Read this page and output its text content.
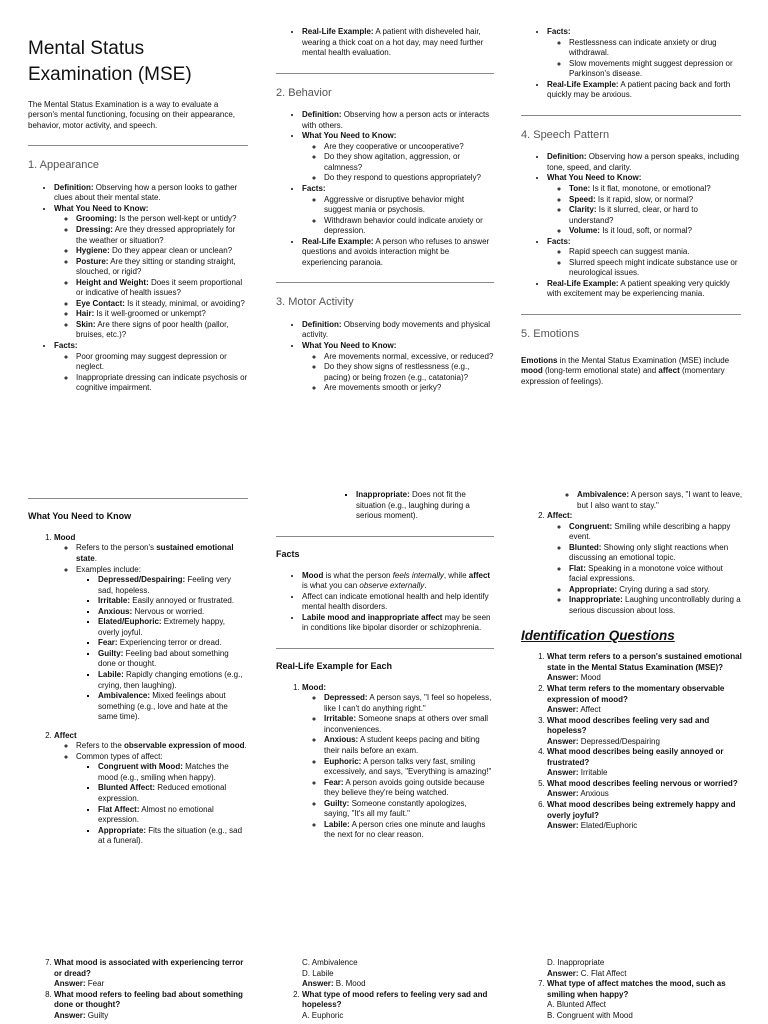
Mental Status Examination (MSE)
The Mental Status Examination is a way to evaluate a person's mental functioning, focusing on their appearance, behavior, motor activity, and speech.
1. Appearance
• Definition: Observing how a person looks to gather clues about their mental state.
• What You Need to Know:
◦ Grooming: Is the person well-kept or untidy?
◦ Dressing: Are they dressed appropriately for the weather or situation?
◦ Hygiene: Do they appear clean or unclean?
◦ Posture: Are they sitting or standing straight, slouched, or rigid?
◦ Height and Weight: Does it seem proportional or indicative of health issues?
◦ Eye Contact: Is it steady, minimal, or avoiding?
◦ Hair: Is it well-groomed or unkempt?
◦ Skin: Are there signs of poor health (pallor, bruises, etc.)?
• Facts:
◦ Poor grooming may suggest depression or neglect.
◦ Inappropriate dressing can indicate psychosis or cognitive impairment.
• Real-Life Example: A patient with disheveled hair, wearing a thick coat on a hot day, may need further mental health evaluation.
2. Behavior
• Definition: Observing how a person acts or interacts with others.
• What You Need to Know:
◦ Are they cooperative or uncooperative?
◦ Do they show agitation, aggression, or calmness?
◦ Do they respond to questions appropriately?
• Facts:
◦ Aggressive or disruptive behavior might suggest mania or psychosis.
◦ Withdrawn behavior could indicate anxiety or depression.
• Real-Life Example: A person who refuses to answer questions and avoids interaction might be experiencing paranoia.
3. Motor Activity
• Definition: Observing body movements and physical activity.
• What You Need to Know:
◦ Are movements normal, excessive, or reduced?
◦ Do they show signs of restlessness (e.g., pacing) or being frozen (e.g., catatonia)?
◦ Are movements smooth or jerky?
• Facts:
◦ Restlessness can indicate anxiety or drug withdrawal.
◦ Slow movements might suggest depression or Parkinson's disease.
• Real-Life Example: A patient pacing back and forth quickly may be anxious.
4. Speech Pattern
• Definition: Observing how a person speaks, including tone, speed, and clarity.
• What You Need to Know:
◦ Tone: Is it flat, monotone, or emotional?
◦ Speed: Is it rapid, slow, or normal?
◦ Clarity: Is it slurred, clear, or hard to understand?
◦ Volume: Is it loud, soft, or normal?
• Facts:
◦ Rapid speech can suggest mania.
◦ Slurred speech might indicate substance use or neurological issues.
• Real-Life Example: A patient speaking very quickly with excitement may be experiencing mania.
5. Emotions
Emotions in the Mental Status Examination (MSE) include mood (long-term emotional state) and affect (momentary expression of feelings).
What You Need to Know
1. Mood
◦ Refers to the person's sustained emotional state.
◦ Examples include:
▪ Depressed/Despairing: Feeling very sad, hopeless.
▪ Irritable: Easily annoyed or frustrated.
▪ Anxious: Nervous or worried.
▪ Elated/Euphoric: Extremely happy, overly joyful.
▪ Fear: Experiencing terror or dread.
▪ Guilty: Feeling bad about something done or thought.
▪ Labile: Rapidly changing emotions (e.g., crying, then laughing).
▪ Ambivalence: Mixed feelings about something (e.g., love and hate at the same time).
2. Affect
◦ Refers to the observable expression of mood.
◦ Common types of affect:
▪ Congruent with Mood: Matches the mood (e.g., smiling when happy).
▪ Blunted Affect: Reduced emotional expression.
▪ Flat Affect: Almost no emotional expression.
▪ Appropriate: Fits the situation (e.g., sad at a funeral).
▪ Inappropriate: Does not fit the situation (e.g., laughing during a serious moment).
Facts
• Mood is what the person feels internally, while affect is what you can observe externally.
• Affect can indicate emotional health and help identify mental health disorders.
• Labile mood and inappropriate affect may be seen in conditions like bipolar disorder or schizophrenia.
Real-Life Example for Each
1. Mood:
◦ Depressed: A person says, "I feel so hopeless, like I can't do anything right."
◦ Irritable: Someone snaps at others over small inconveniences.
◦ Anxious: A student keeps pacing and biting their nails before an exam.
◦ Euphoric: A person talks very fast, smiling excessively, and says, "Everything is amazing!"
◦ Fear: A person avoids going outside because they believe they're being watched.
◦ Guilty: Someone constantly apologizes, saying, "It's all my fault."
◦ Labile: A person cries one minute and laughs the next for no clear reason.
◦ Ambivalence: A person says, "I want to leave, but I also want to stay."
2. Affect:
◦ Congruent: Smiling while describing a happy event.
◦ Blunted: Showing only slight reactions when discussing an emotional topic.
◦ Flat: Speaking in a monotone voice without facial expressions.
◦ Appropriate: Crying during a sad story.
◦ Inappropriate: Laughing uncontrollably during a serious discussion about loss.
Identification Questions
1. What term refers to a person's sustained emotional state in the Mental Status Examination (MSE)?
Answer: Mood
2. What term refers to the momentary observable expression of mood?
Answer: Affect
3. What mood describes feeling very sad and hopeless?
Answer: Depressed/Despairing
4. What mood describes being easily annoyed or frustrated?
Answer: Irritable
5. What mood describes feeling nervous or worried?
Answer: Anxious
6. What mood describes being extremely happy and overly joyful?
Answer: Elated/Euphoric
7. What mood is associated with experiencing terror or dread?
Answer: Fear
8. What mood refers to feeling bad about something done or thought?
Answer: Guilty
C. Ambivalence
D. Labile
Answer: B. Mood
2. What type of mood refers to feeling very sad and hopeless?
A. Euphoric
D. Inappropriate
Answer: C. Flat Affect
7. What type of affect matches the mood, such as smiling when happy?
A. Blunted Affect
B. Congruent with Mood
